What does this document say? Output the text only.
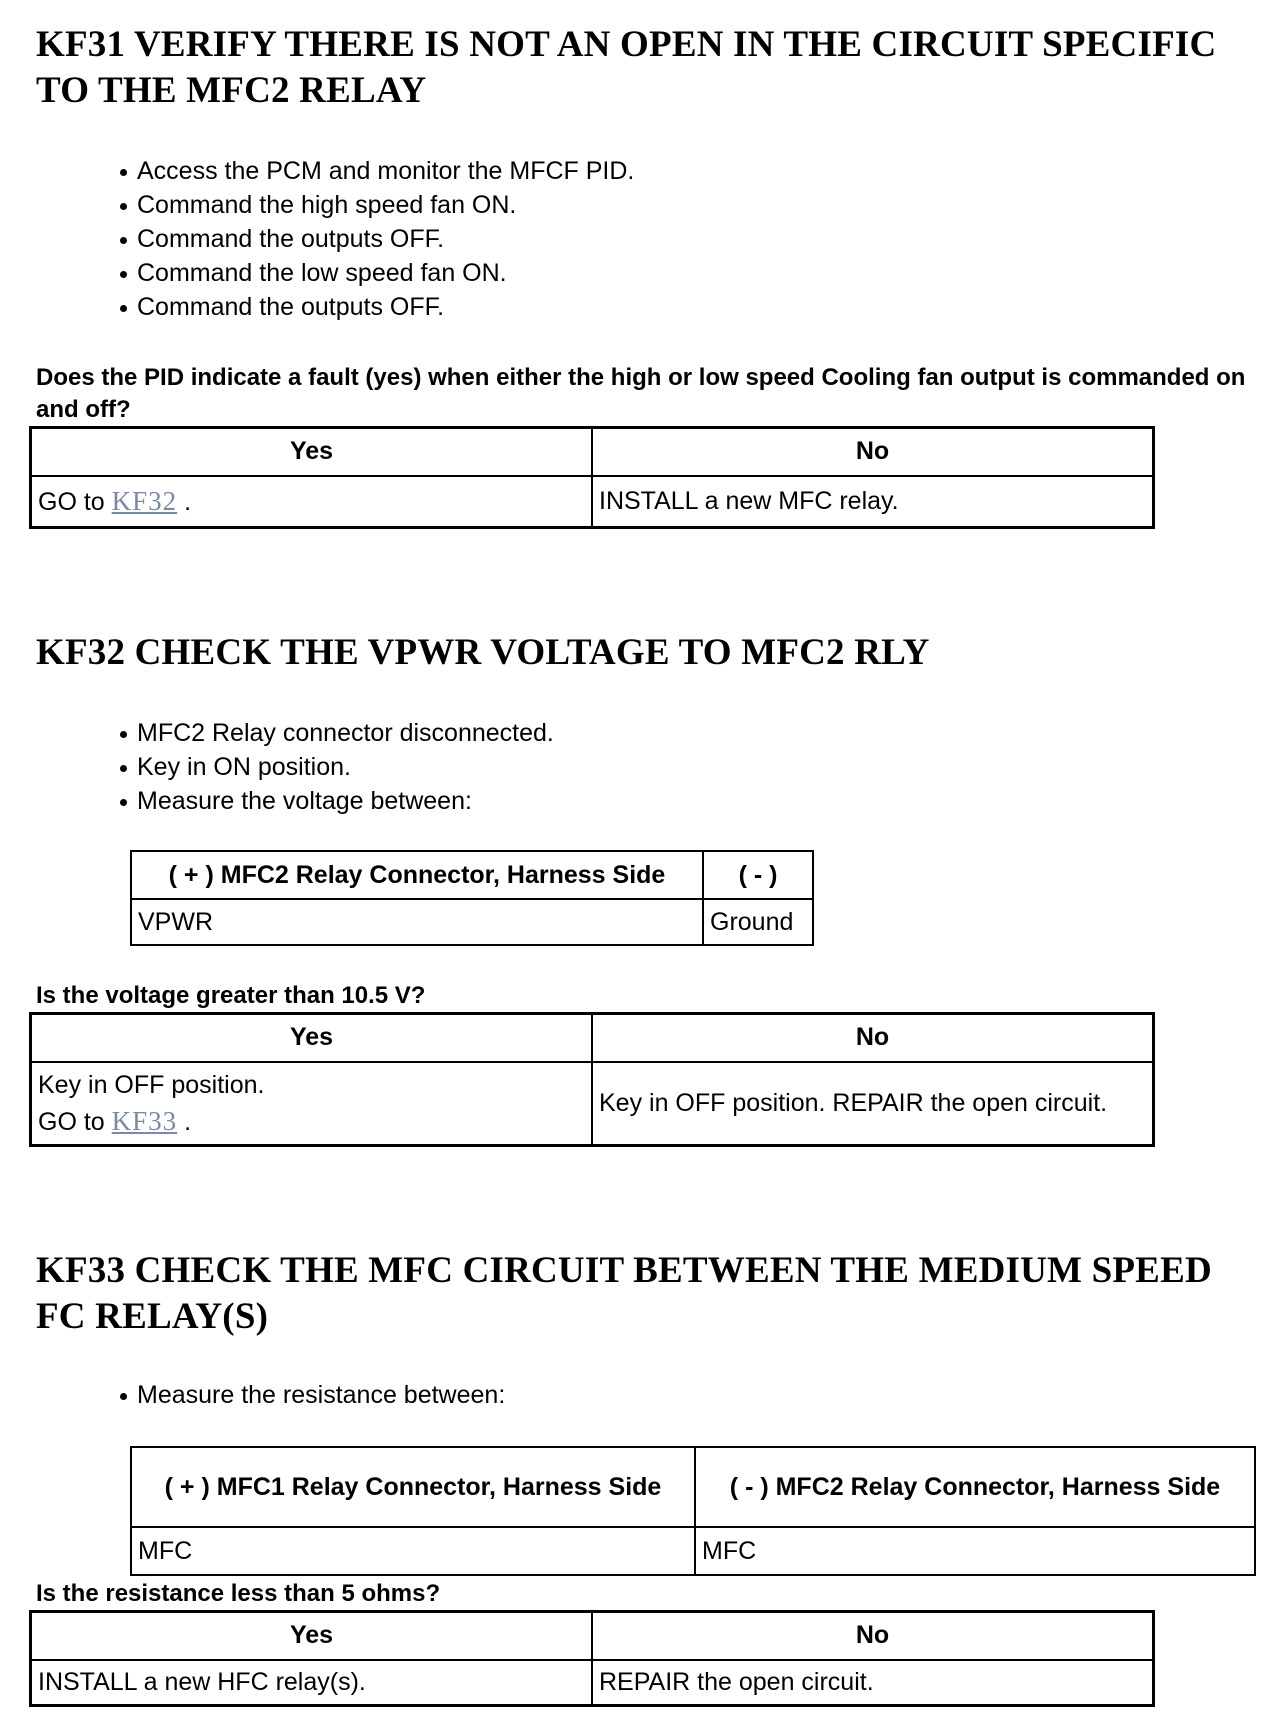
KF31 VERIFY THERE IS NOT AN OPEN IN THE CIRCUIT SPECIFIC TO THE MFC2 RELAY
Access the PCM and monitor the MFCF PID.
Command the high speed fan ON.
Command the outputs OFF.
Command the low speed fan ON.
Command the outputs OFF.

Does the PID indicate a fault (yes) when either the high or low speed Cooling fan output is commanded on and off?

Yes	No
GO to KF32 .	INSTALL a new MFC relay.
KF32 CHECK THE VPWR VOLTAGE TO MFC2 RLY
MFC2 Relay connector disconnected.
Key in ON position.
Measure the voltage between:
( + ) MFC2 Relay Connector, Harness Side	( - )
VPWR	Ground

Is the voltage greater than 10.5 V?

Yes	No

Key in OFF position.
GO to KF33 .	Key in OFF position. REPAIR the open circuit.
KF33 CHECK THE MFC CIRCUIT BETWEEN THE MEDIUM SPEED FC RELAY(S)
Measure the resistance between:
( + ) MFC1 Relay Connector, Harness Side	( - ) MFC2 Relay Connector, Harness Side
MFC	MFC

Is the resistance less than 5 ohms?

Yes	No
INSTALL a new HFC relay(s).	REPAIR the open circuit.
